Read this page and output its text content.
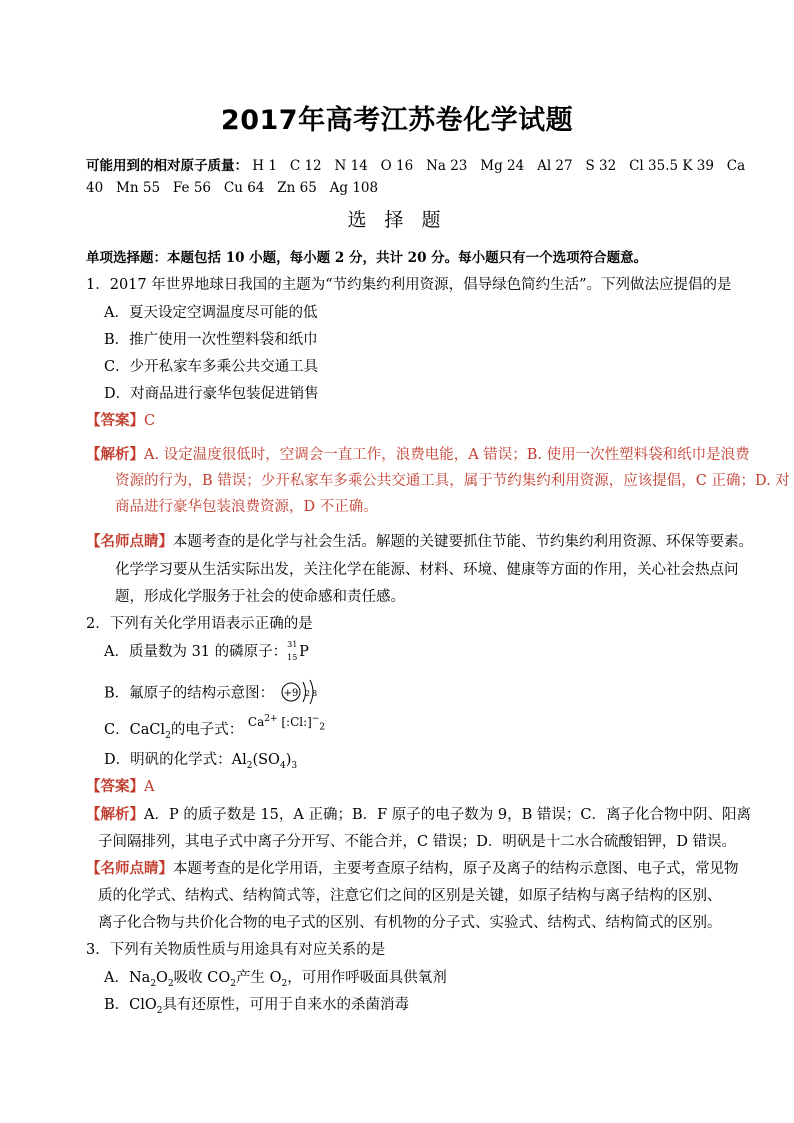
2017年高考江苏卷化学试题
可能用到的相对原子质量： H 1   C 12   N 14   O 16   Na 23   Mg 24   Al 27   S 32   Cl 35.5 K 39   Ca
40   Mn 55   Fe 56   Cu 64   Zn 65   Ag 108
选 择 题
单项选择题：本题包括 10 小题，每小题 2 分，共计 20 分。每小题只有一个选项符合题意。
1．2017 年世界地球日我国的主题为“节约集约利用资源，倡导绿色简约生活”。下列做法应提倡的是
A．夏天设定空调温度尽可能的低
B．推广使用一次性塑料袋和纸巾
C．少开私家车多乘公共交通工具
D．对商品进行豪华包装促进销售
【答案】C
【解析】A. 设定温度很低时，空调会一直工作，浪费电能，A 错误；B. 使用一次性塑料袋和纸巾是浪费
资源的行为，B 错误；少开私家车多乘公共交通工具，属于节约集约利用资源，应该提倡，C 正确；D. 对
商品进行豪华包装浪费资源，D 不正确。
【名师点睛】本题考查的是化学与社会生活。解题的关键要抓住节能、节约集约利用资源、环保等要素。
化学学习要从生活实际出发，关注化学在能源、材料、环境、健康等方面的作用，关心社会热点问
题，形成化学服务于社会的使命感和责任感。
2．下列有关化学用语表示正确的是
A．质量数为 31 的磷原子： 31
15 P
B．氟原子的结构示意图： +9 2 8
C．CaCl$_2$的电子式： $^{Ca^{2+} [:Cl:]^-_2}$
D．明矾的化学式：$Al_2(SO_4)_3$
【答案】A
【解析】A．P 的质子数是 15，A 正确；B．F 原子的电子数为 9，B 错误；C．离子化合物中阴、阳离
子间隔排列，其电子式中离子分开写、不能合并，C 错误；D．明矾是十二水合硫酸铝钾，D 错误。
【名师点睛】本题考查的是化学用语，主要考查原子结构，原子及离子的结构示意图、电子式，常见物
质的化学式、结构式、结构简式等，注意它们之间的区别是关键，如原子结构与离子结构的区别、
离子化合物与共价化合物的电子式的区别、有机物的分子式、实验式、结构式、结构简式的区别。
3．下列有关物质性质与用途具有对应关系的是
A．$Na_2O_2$吸收 $CO_2$产生 $O_2$，可用作呼吸面具供氧剂
B．ClO$_2$具有还原性，可用于自来水的杀菌消毒
